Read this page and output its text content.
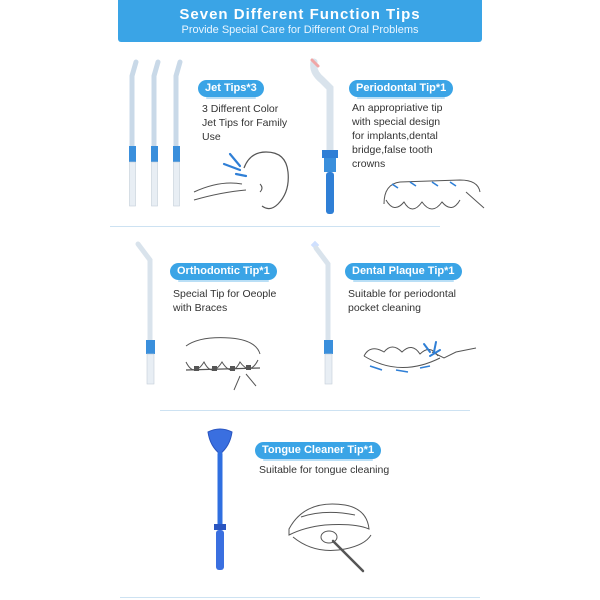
Seven Different Function Tips
Provide Special Care for Different Oral Problems
Jet Tips*3
3 Different Color
Jet Tips for Family
Use
Periodontal Tip*1
An appropriative tip
with special design
for implants,dental
bridge,false tooth
crowns
Orthodontic Tip*1
Special Tip for Oeople
with Braces
Dental Plaque Tip*1
Suitable for periodontal
pocket cleaning
Tongue Cleaner Tip*1
Suitable for tongue cleaning
